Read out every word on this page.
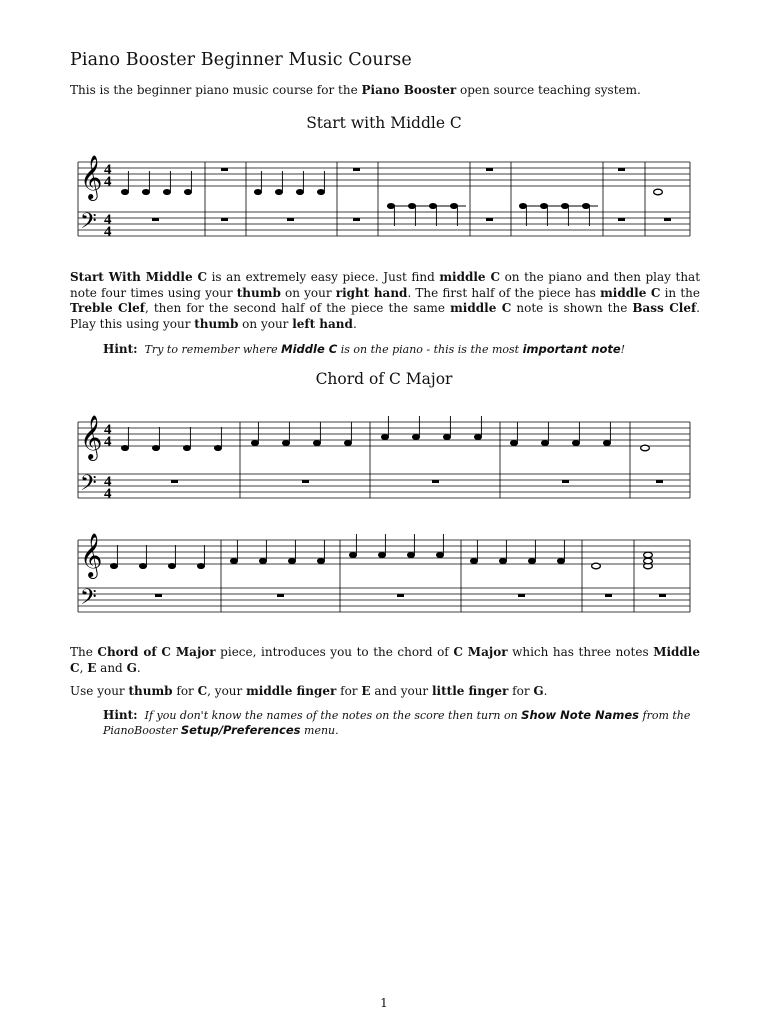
Piano Booster Beginner Music Course

This is the beginner piano music course for the Piano Booster open source teaching system.

Start with Middle C
𝄞
𝄢
4
4
4
4

Start With Middle C is an extremely easy piece. Just find middle C on the piano and then play that note four times using your thumb on your right hand. The first half of the piece has middle C in the Treble Clef, then for the second half of the piece the same middle C note is shown the Bass Clef. Play this using your thumb on your left hand.

Hint: Try to remember where Middle C is on the piano - this is the most important note!

Chord of C Major
𝄞
𝄢
4
4
4
4
𝄞
𝄢

The Chord of C Major piece, introduces you to the chord of C Major which has three notes Middle C, E and G.

Use your thumb for C, your middle finger for E and your little finger for G.

Hint: If you don't know the names of the notes on the score then turn on Show Note Names from the PianoBooster Setup/Preferences menu.

1
